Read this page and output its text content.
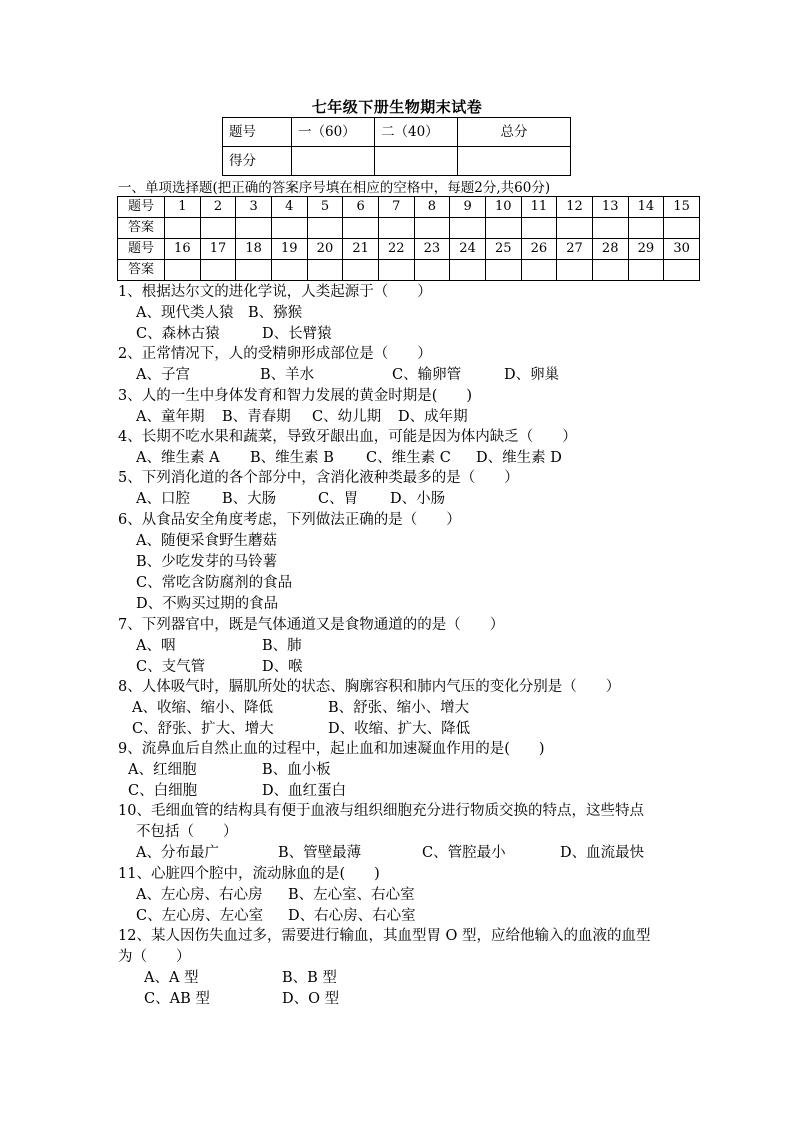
七年级下册生物期末试卷
题号	一（60）	二（40）	总分
得分			
一、单项选择题(把正确的答案序号填在相应的空格中，每题2分,共60分)
题号	1	2	3	4	5	6	7	8	9	10	11	12	13	14	15
答案															
题号	16	17	18	19	20	21	22	23	24	25	26	27	28	29	30
答案															
1、根据达尔文的进化学说，人类起源于（　　）
A、现代类人猿 B、猕猴
C、森林古猿	D、长臂猿
2、正常情况下，人的受精卵形成部位是（　　）
A、子宫	B、羊水	C、输卵管	D、卵巢
3、人的一生中身体发育和智力发展的黄金时期是(　　)
A、童年期 B、青春期 C、幼儿期 D、成年期
4、长期不吃水果和蔬菜，导致牙龈出血，可能是因为体内缺乏（　　）
A、维生素 A B、维生素 B C、维生素 C D、维生素 D
5、下列消化道的各个部分中，含消化液种类最多的是（　　）
A、口腔 B、大肠	C、胃 D、小肠
6、从食品安全角度考虑，下列做法正确的是（　　）
A、随便采食野生蘑菇
B、少吃发芽的马铃薯
C、常吃含防腐剂的食品
D、不购买过期的食品
7、下列器官中，既是气体通道又是食物通道的的是（　　）
A、咽	B、肺
C、支气管	D、喉
8、人体吸气时，膈肌所处的状态、胸廓容积和肺内气压的变化分别是（　　）
A、收缩、缩小、降低	B、舒张、缩小、增大
C、舒张、扩大、增大	D、收缩、扩大、降低
9、流鼻血后自然止血的过程中，起止血和加速凝血作用的是(　　)
A、红细胞	B、血小板
C、白细胞	D、血红蛋白
10、毛细血管的结构具有便于血液与组织细胞充分进行物质交换的特点，这些特点
不包括（　　）
A、分布最广	B、管壁最薄	C、管腔最小	D、血流最快
11、心脏四个腔中，流动脉血的是(　　)
A、左心房、右心房 B、左心室、右心室
C、左心房、左心室 D、右心房、右心室
12、某人因伤失血过多，需要进行输血，其血型胃 O 型，应给他输入的血液的血型
为（　　）
A、A 型	B、B 型
C、AB 型	D、O 型
